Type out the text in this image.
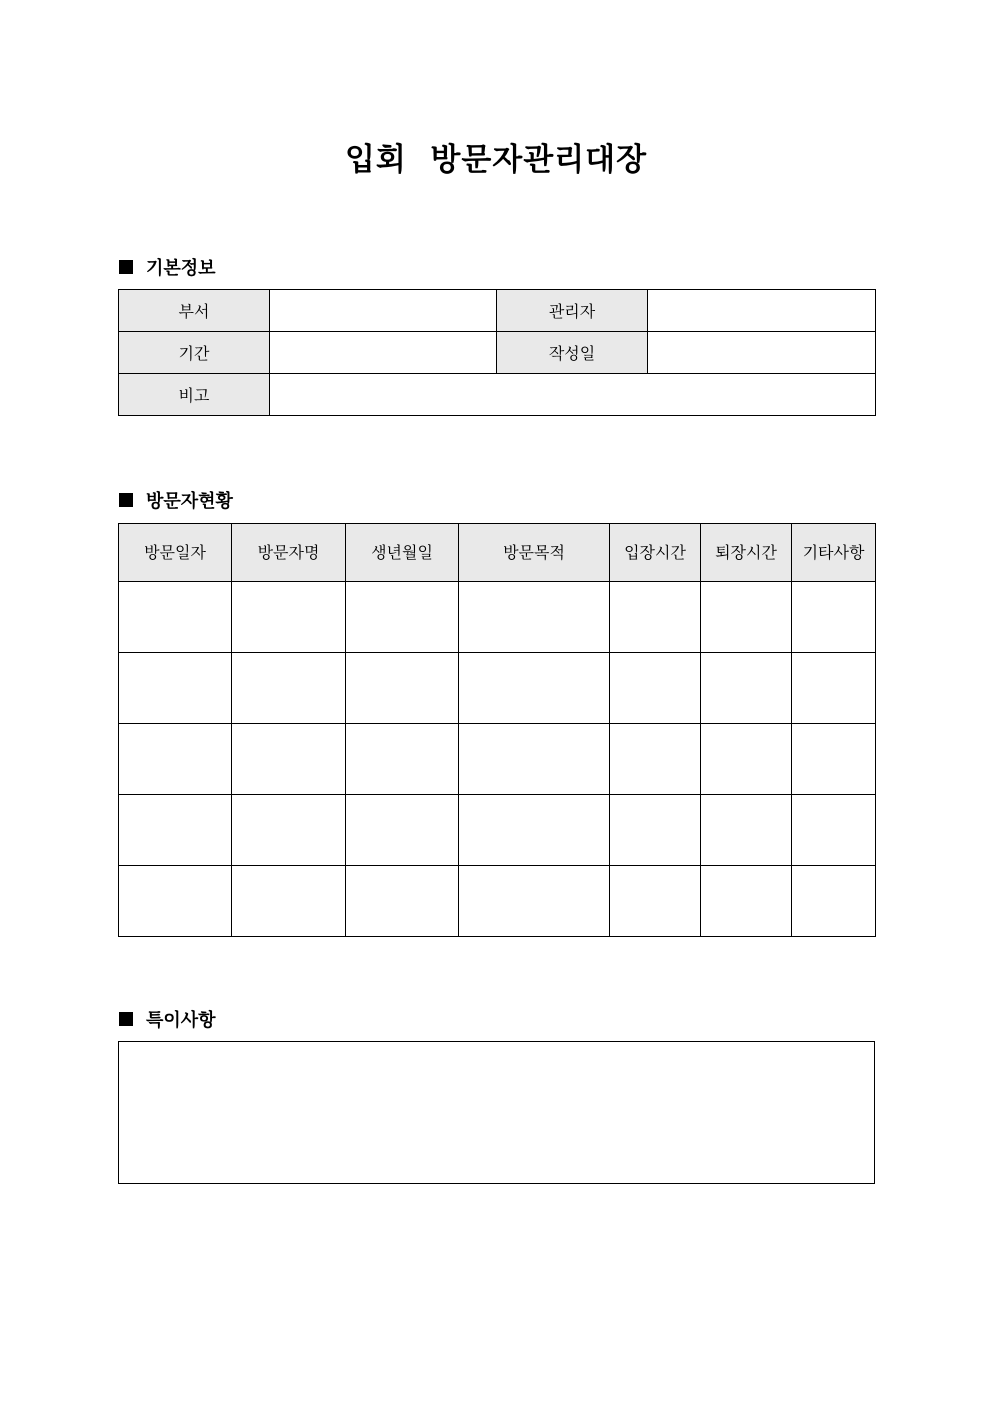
입회  방문자관리대장
기본정보
부서		관리자	
기간		작성일	
비고			
방문자현황
방문일자	방문자명	생년월일	방문목적	입장시간	퇴장시간	기타사항

특이사항
